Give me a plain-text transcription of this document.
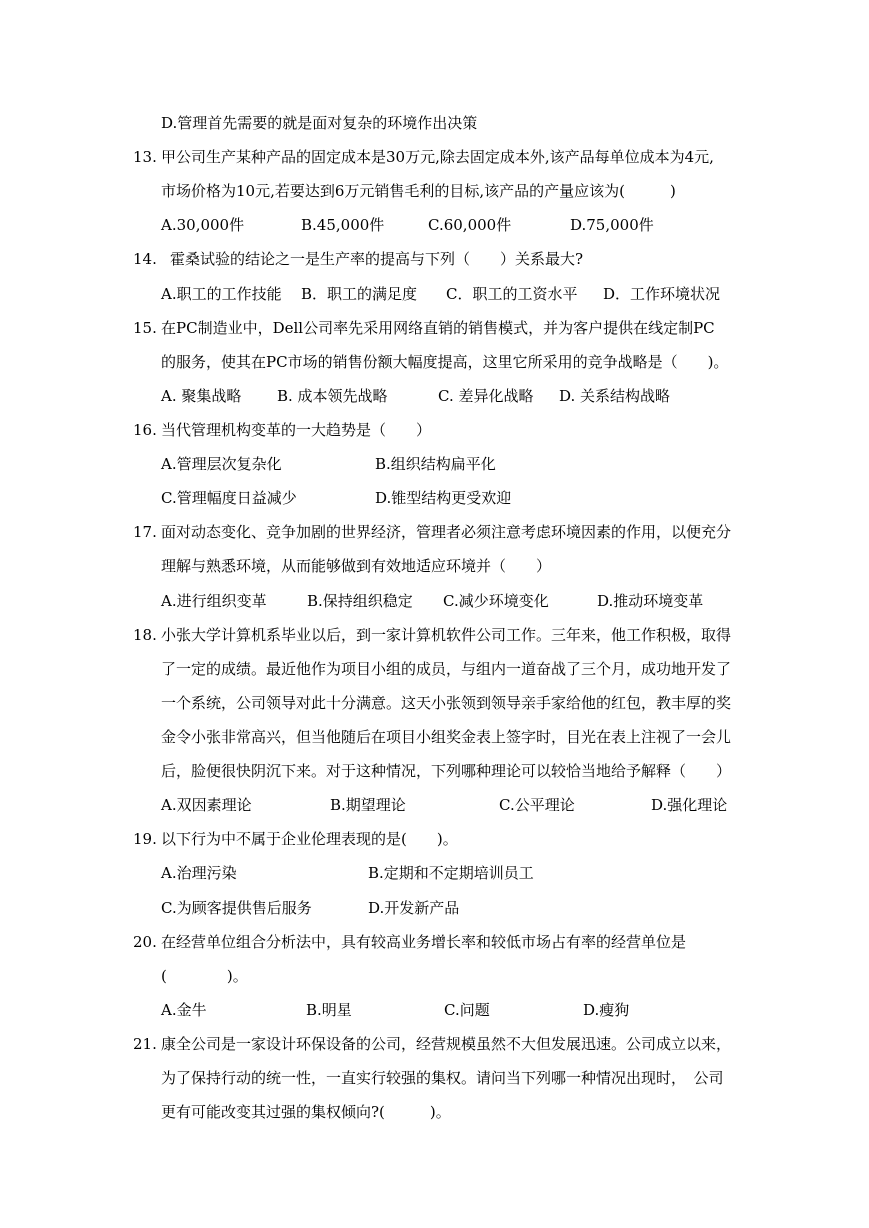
D.管理首先需要的就是面对复杂的环境作出决策
13. 甲公司生产某种产品的固定成本是30万元,除去固定成本外,该产品每单位成本为4元,
市场价格为10元,若要达到6万元销售毛利的目标,该产品的产量应该为(　　　)
A.30,000件	B.45,000件	C.60,000件	D.75,000件
14. 霍桑试验的结论之一是生产率的提高与下列（　　）关系最大?
A.职工的工作技能 B．职工的满足度 C．职工的工资水平 D．工作环境状况
15. 在PC制造业中，Dell公司率先采用网络直销的销售模式，并为客户提供在线定制PC
的服务，使其在PC市场的销售份额大幅度提高，这里它所采用的竞争战略是（　　)。
A. 聚集战略 B. 成本领先战略	C. 差异化战略 D. 关系结构战略
16. 当代管理机构变革的一大趋势是（　　）
A.管理层次复杂化	B.组织结构扁平化
C.管理幅度日益减少	D.锥型结构更受欢迎
17. 面对动态变化、竞争加剧的世界经济，管理者必须注意考虑环境因素的作用，以便充分
理解与熟悉环境，从而能够做到有效地适应环境并（　　）
A.进行组织变革	B.保持组织稳定 C.减少环境变化	D.推动环境变革
18. 小张大学计算机系毕业以后，到一家计算机软件公司工作。三年来，他工作积极，取得
了一定的成绩。最近他作为项目小组的成员，与组内一道奋战了三个月，成功地开发了
一个系统，公司领导对此十分满意。这天小张领到领导亲手家给他的红包，教丰厚的奖
金令小张非常高兴，但当他随后在项目小组奖金表上签字时，目光在表上注视了一会儿
后，脸便很快阴沉下来。对于这种情况，下列哪种理论可以较恰当地给予解释（　　）
A.双因素理论	B.期望理论	C.公平理论	D.强化理论
19. 以下行为中不属于企业伦理表现的是(　　)。
A.治理污染	B.定期和不定期培训员工
C.为顾客提供售后服务	D.开发新产品
20. 在经营单位组合分析法中，具有较高业务增长率和较低市场占有率的经营单位是
(　　　　)。
A.金牛	B.明星	C.问题	D.瘦狗
21. 康全公司是一家设计环保设备的公司，经营规模虽然不大但发展迅速。公司成立以来，
为了保持行动的统一性，一直实行较强的集权。请问当下列哪一种情况出现时，　公司
更有可能改变其过强的集权倾向?(　　　)。
